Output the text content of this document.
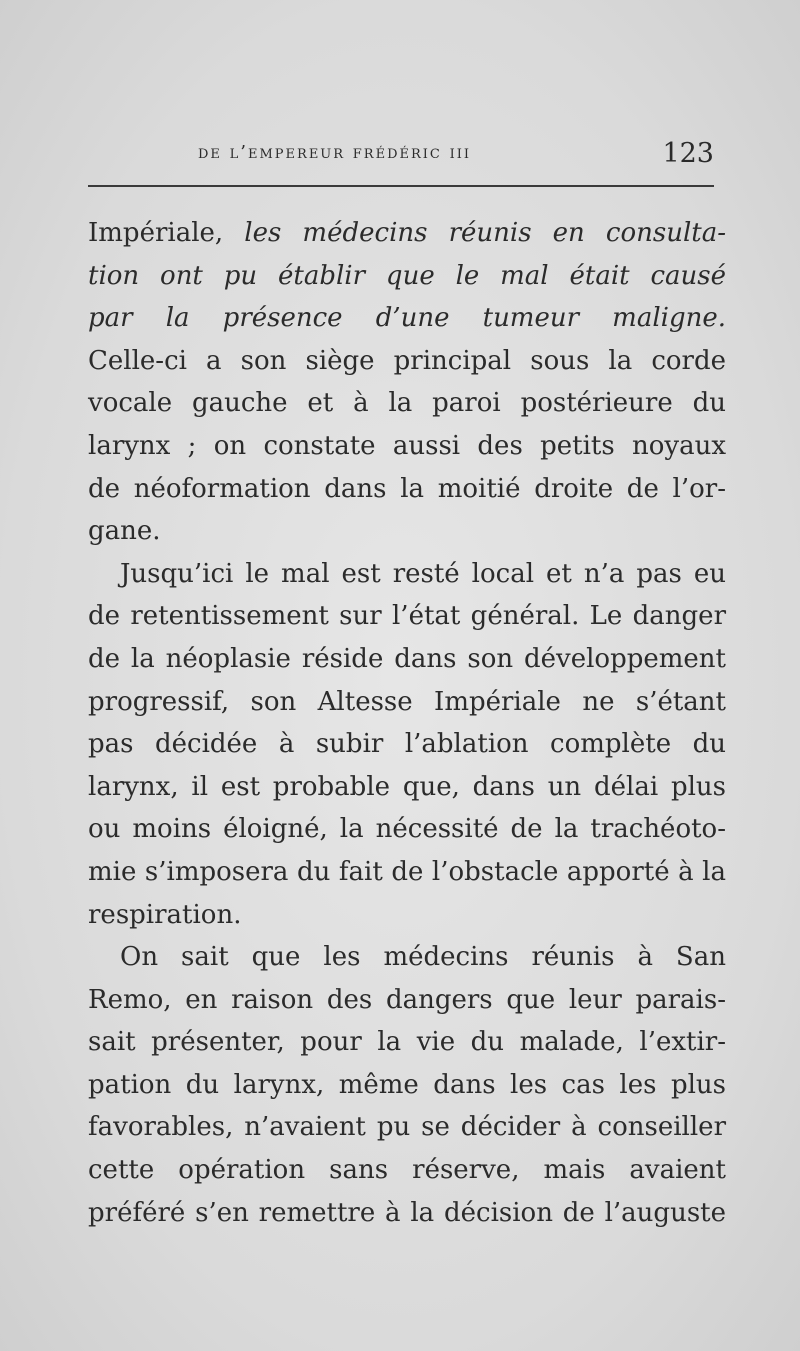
de l’empereur frédéric iii	123
Impériale, les médecins réunis en consulta-
tion ont pu établir que le mal était causé
par la présence d’une tumeur maligne.
Celle-ci a son siège principal sous la corde
vocale gauche et à la paroi postérieure du
larynx ; on constate aussi des petits noyaux
de néoformation dans la moitié droite de l’or-
gane.
Jusqu’ici le mal est resté local et n’a pas eu
de retentissement sur l’état général. Le danger
de la néoplasie réside dans son développement
progressif, son Altesse Impériale ne s’étant
pas décidée à subir l’ablation complète du
larynx, il est probable que, dans un délai plus
ou moins éloigné, la nécessité de la trachéoto-
mie s’imposera du fait de l’obstacle apporté à la
respiration.
On sait que les médecins réunis à San
Remo, en raison des dangers que leur parais-
sait présenter, pour la vie du malade, l’extir-
pation du larynx, même dans les cas les plus
favorables, n’avaient pu se décider à conseiller
cette opération sans réserve, mais avaient
préféré s’en remettre à la décision de l’auguste
